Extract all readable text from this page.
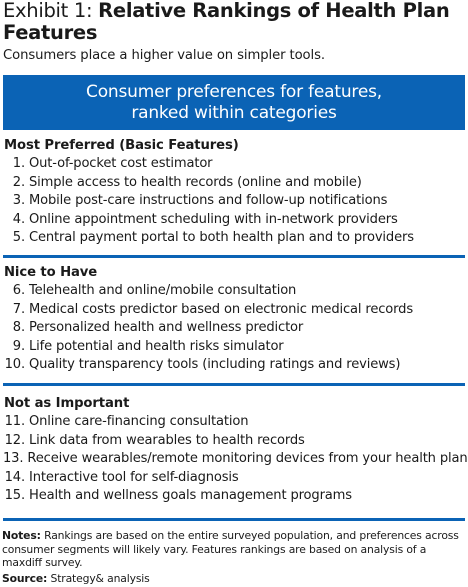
Exhibit 1: Relative Rankings of Health Plan Features
Consumers place a higher value on simpler tools.
Consumer preferences for features,
ranked within categories
Most Preferred (Basic Features)
1. Out-of-pocket cost estimator
2. Simple access to health records (online and mobile)
3. Mobile post-care instructions and follow-up notifications
4. Online appointment scheduling with in-network providers
5. Central payment portal to both health plan and to providers
Nice to Have
6. Telehealth and online/mobile consultation
7. Medical costs predictor based on electronic medical records
8. Personalized health and wellness predictor
9. Life potential and health risks simulator
10. Quality transparency tools (including ratings and reviews)
Not as Important
11. Online care-financing consultation
12. Link data from wearables to health records
13. Receive wearables/remote monitoring devices from your health plan
14. Interactive tool for self-diagnosis
15. Health and wellness goals management programs
Notes: Rankings are based on the entire surveyed population, and preferences across consumer segments will likely vary. Features rankings are based on analysis of a maxdiff survey.
Source: Strategy& analysis
